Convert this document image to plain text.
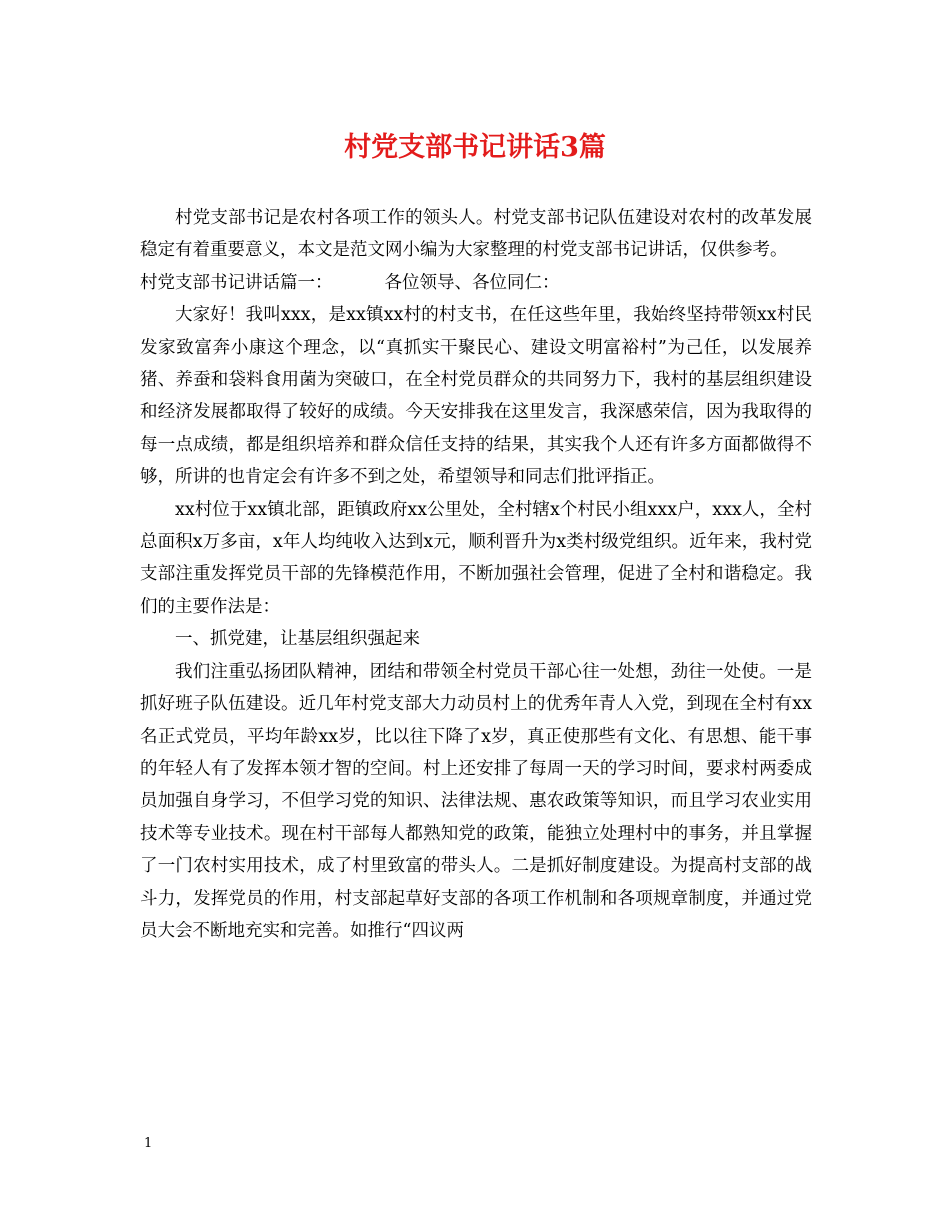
村党支部书记讲话3篇

村党支部书记是农村各项工作的领头人。村党支部书记队伍建设对农村的改革发展稳定有着重要意义，本文是范文网小编为大家整理的村党支部书记讲话，仅供参考。

村党支部书记讲话篇一：	各位领导、各位同仁：

大家好！我叫xxx，是xx镇xx村的村支书，在任这些年里，我始终坚持带领xx村民发家致富奔小康这个理念，以“真抓实干聚民心、建设文明富裕村”为己任，以发展养猪、养蚕和袋料食用菌为突破口，在全村党员群众的共同努力下，我村的基层组织建设和经济发展都取得了较好的成绩。今天安排我在这里发言，我深感荣信，因为我取得的每一点成绩，都是组织培养和群众信任支持的结果，其实我个人还有许多方面都做得不够，所讲的也肯定会有许多不到之处，希望领导和同志们批评指正。

xx村位于xx镇北部，距镇政府xx公里处，全村辖x个村民小组xxx户，xxx人，全村总面积x万多亩，x年人均纯收入达到x元，顺利晋升为x类村级党组织。近年来，我村党支部注重发挥党员干部的先锋模范作用，不断加强社会管理，促进了全村和谐稳定。我们的主要作法是：

一、抓党建，让基层组织强起来

我们注重弘扬团队精神，团结和带领全村党员干部心往一处想，劲往一处使。一是抓好班子队伍建设。近几年村党支部大力动员村上的优秀年青人入党，到现在全村有xx名正式党员，平均年龄xx岁，比以往下降了x岁，真正使那些有文化、有思想、能干事的年轻人有了发挥本领才智的空间。村上还安排了每周一天的学习时间，要求村两委成员加强自身学习，不但学习党的知识、法律法规、惠农政策等知识，而且学习农业实用技术等专业技术。现在村干部每人都熟知党的政策，能独立处理村中的事务，并且掌握了一门农村实用技术，成了村里致富的带头人。二是抓好制度建设。为提高村支部的战斗力，发挥党员的作用，村支部起草好支部的各项工作机制和各项规章制度，并通过党员大会不断地充实和完善。如推行“四议两

1
